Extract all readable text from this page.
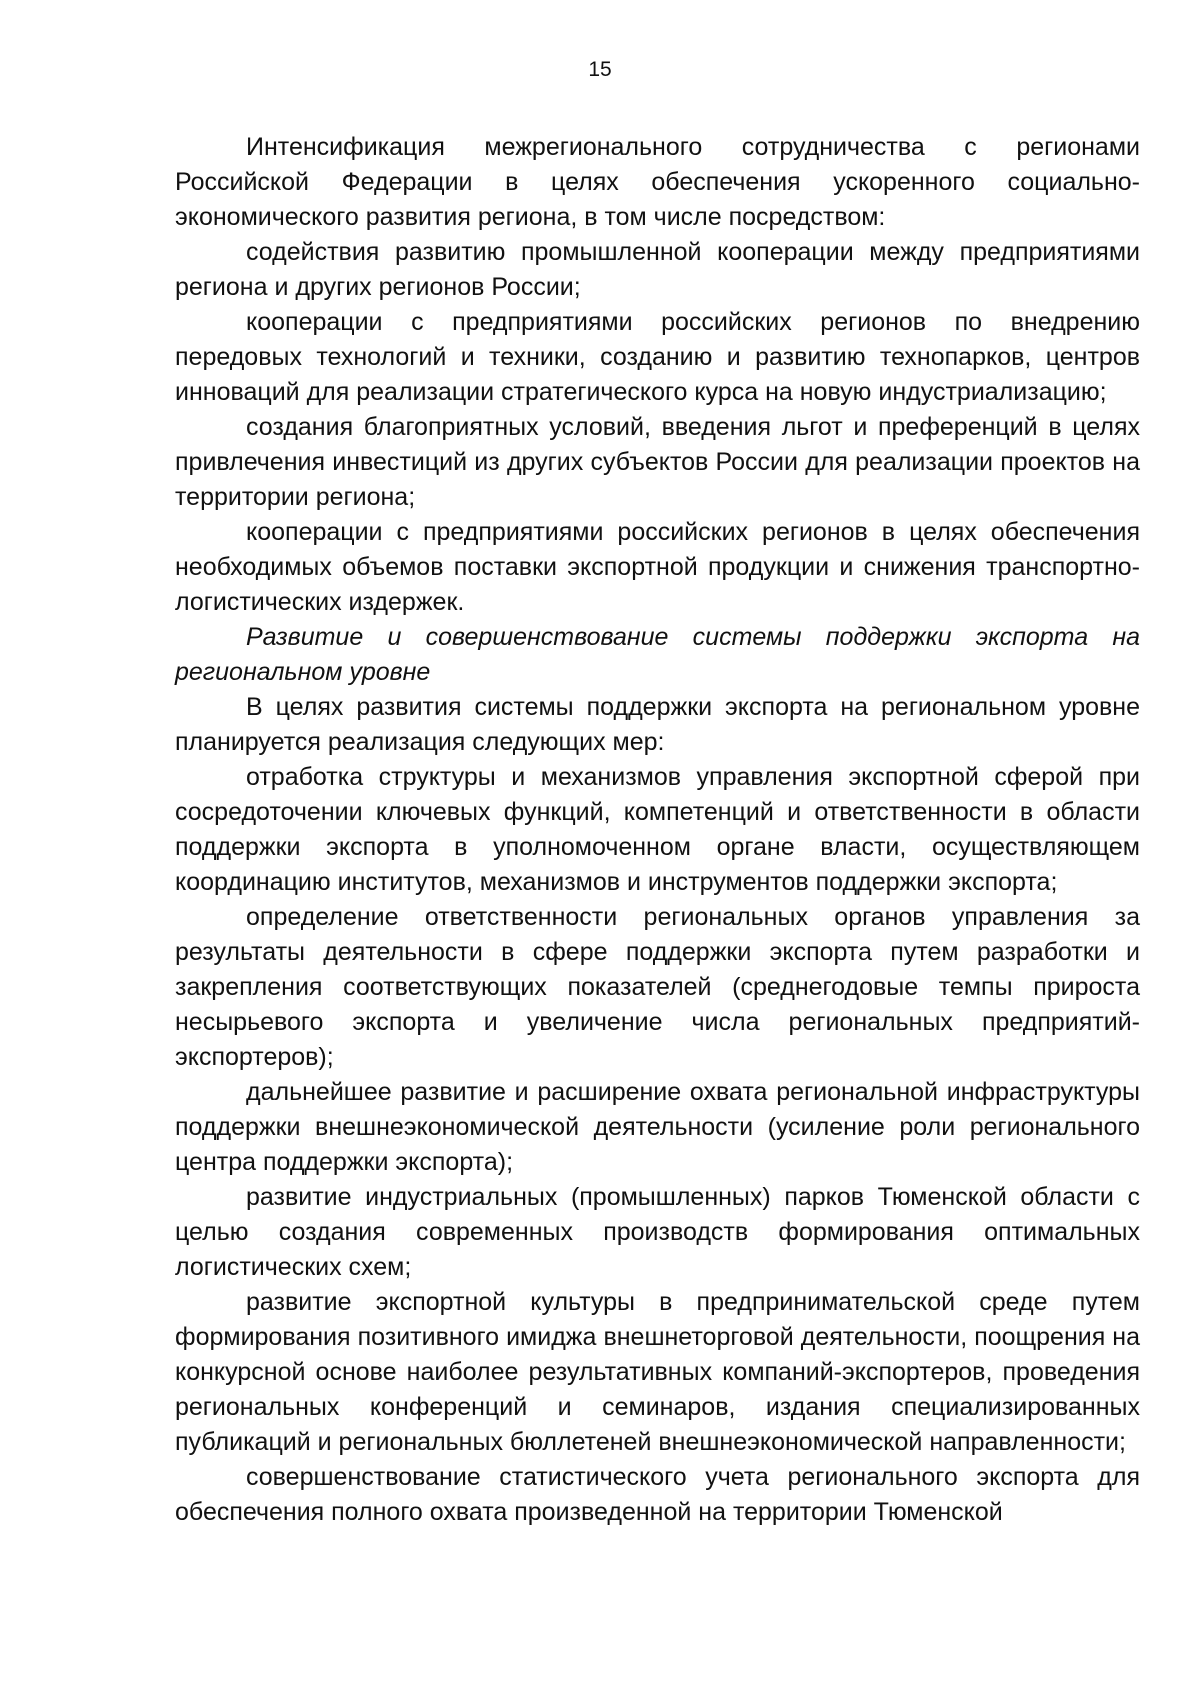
15

Интенсификация межрегионального сотрудничества с регионами Российской Федерации в целях обеспечения ускоренного социально-экономического развития региона, в том числе посредством:

содействия развитию промышленной кооперации между предприятиями региона и других регионов России;

кооперации с предприятиями российских регионов по внедрению передовых технологий и техники, созданию и развитию технопарков, центров инноваций для реализации стратегического курса на новую индустриализацию;

создания благоприятных условий, введения льгот и преференций в целях привлечения инвестиций из других субъектов России для реализации проектов на территории региона;

кооперации с предприятиями российских регионов в целях обеспечения необходимых объемов поставки экспортной продукции и снижения транспортно-логистических издержек.

Развитие и совершенствование системы поддержки экспорта на региональном уровне

В целях развития системы поддержки экспорта на региональном уровне планируется реализация следующих мер:

отработка структуры и механизмов управления экспортной сферой при сосредоточении ключевых функций, компетенций и ответственности в области поддержки экспорта в уполномоченном органе власти, осуществляющем координацию институтов, механизмов и инструментов поддержки экспорта;

определение ответственности региональных органов управления за результаты деятельности в сфере поддержки экспорта путем разработки и закрепления соответствующих показателей (среднегодовые темпы прироста несырьевого экспорта и увеличение числа региональных предприятий-экспортеров);

дальнейшее развитие и расширение охвата региональной инфраструктуры поддержки внешнеэкономической деятельности (усиление роли регионального центра поддержки экспорта);

развитие индустриальных (промышленных) парков Тюменской области с целью создания современных производств формирования оптимальных логистических схем;

развитие экспортной культуры в предпринимательской среде путем формирования позитивного имиджа внешнеторговой деятельности, поощрения на конкурсной основе наиболее результативных компаний-экспортеров, проведения региональных конференций и семинаров, издания специализированных публикаций и региональных бюллетеней внешнеэкономической направленности;

совершенствование статистического учета регионального экспорта для обеспечения полного охвата произведенной на территории Тюменской
